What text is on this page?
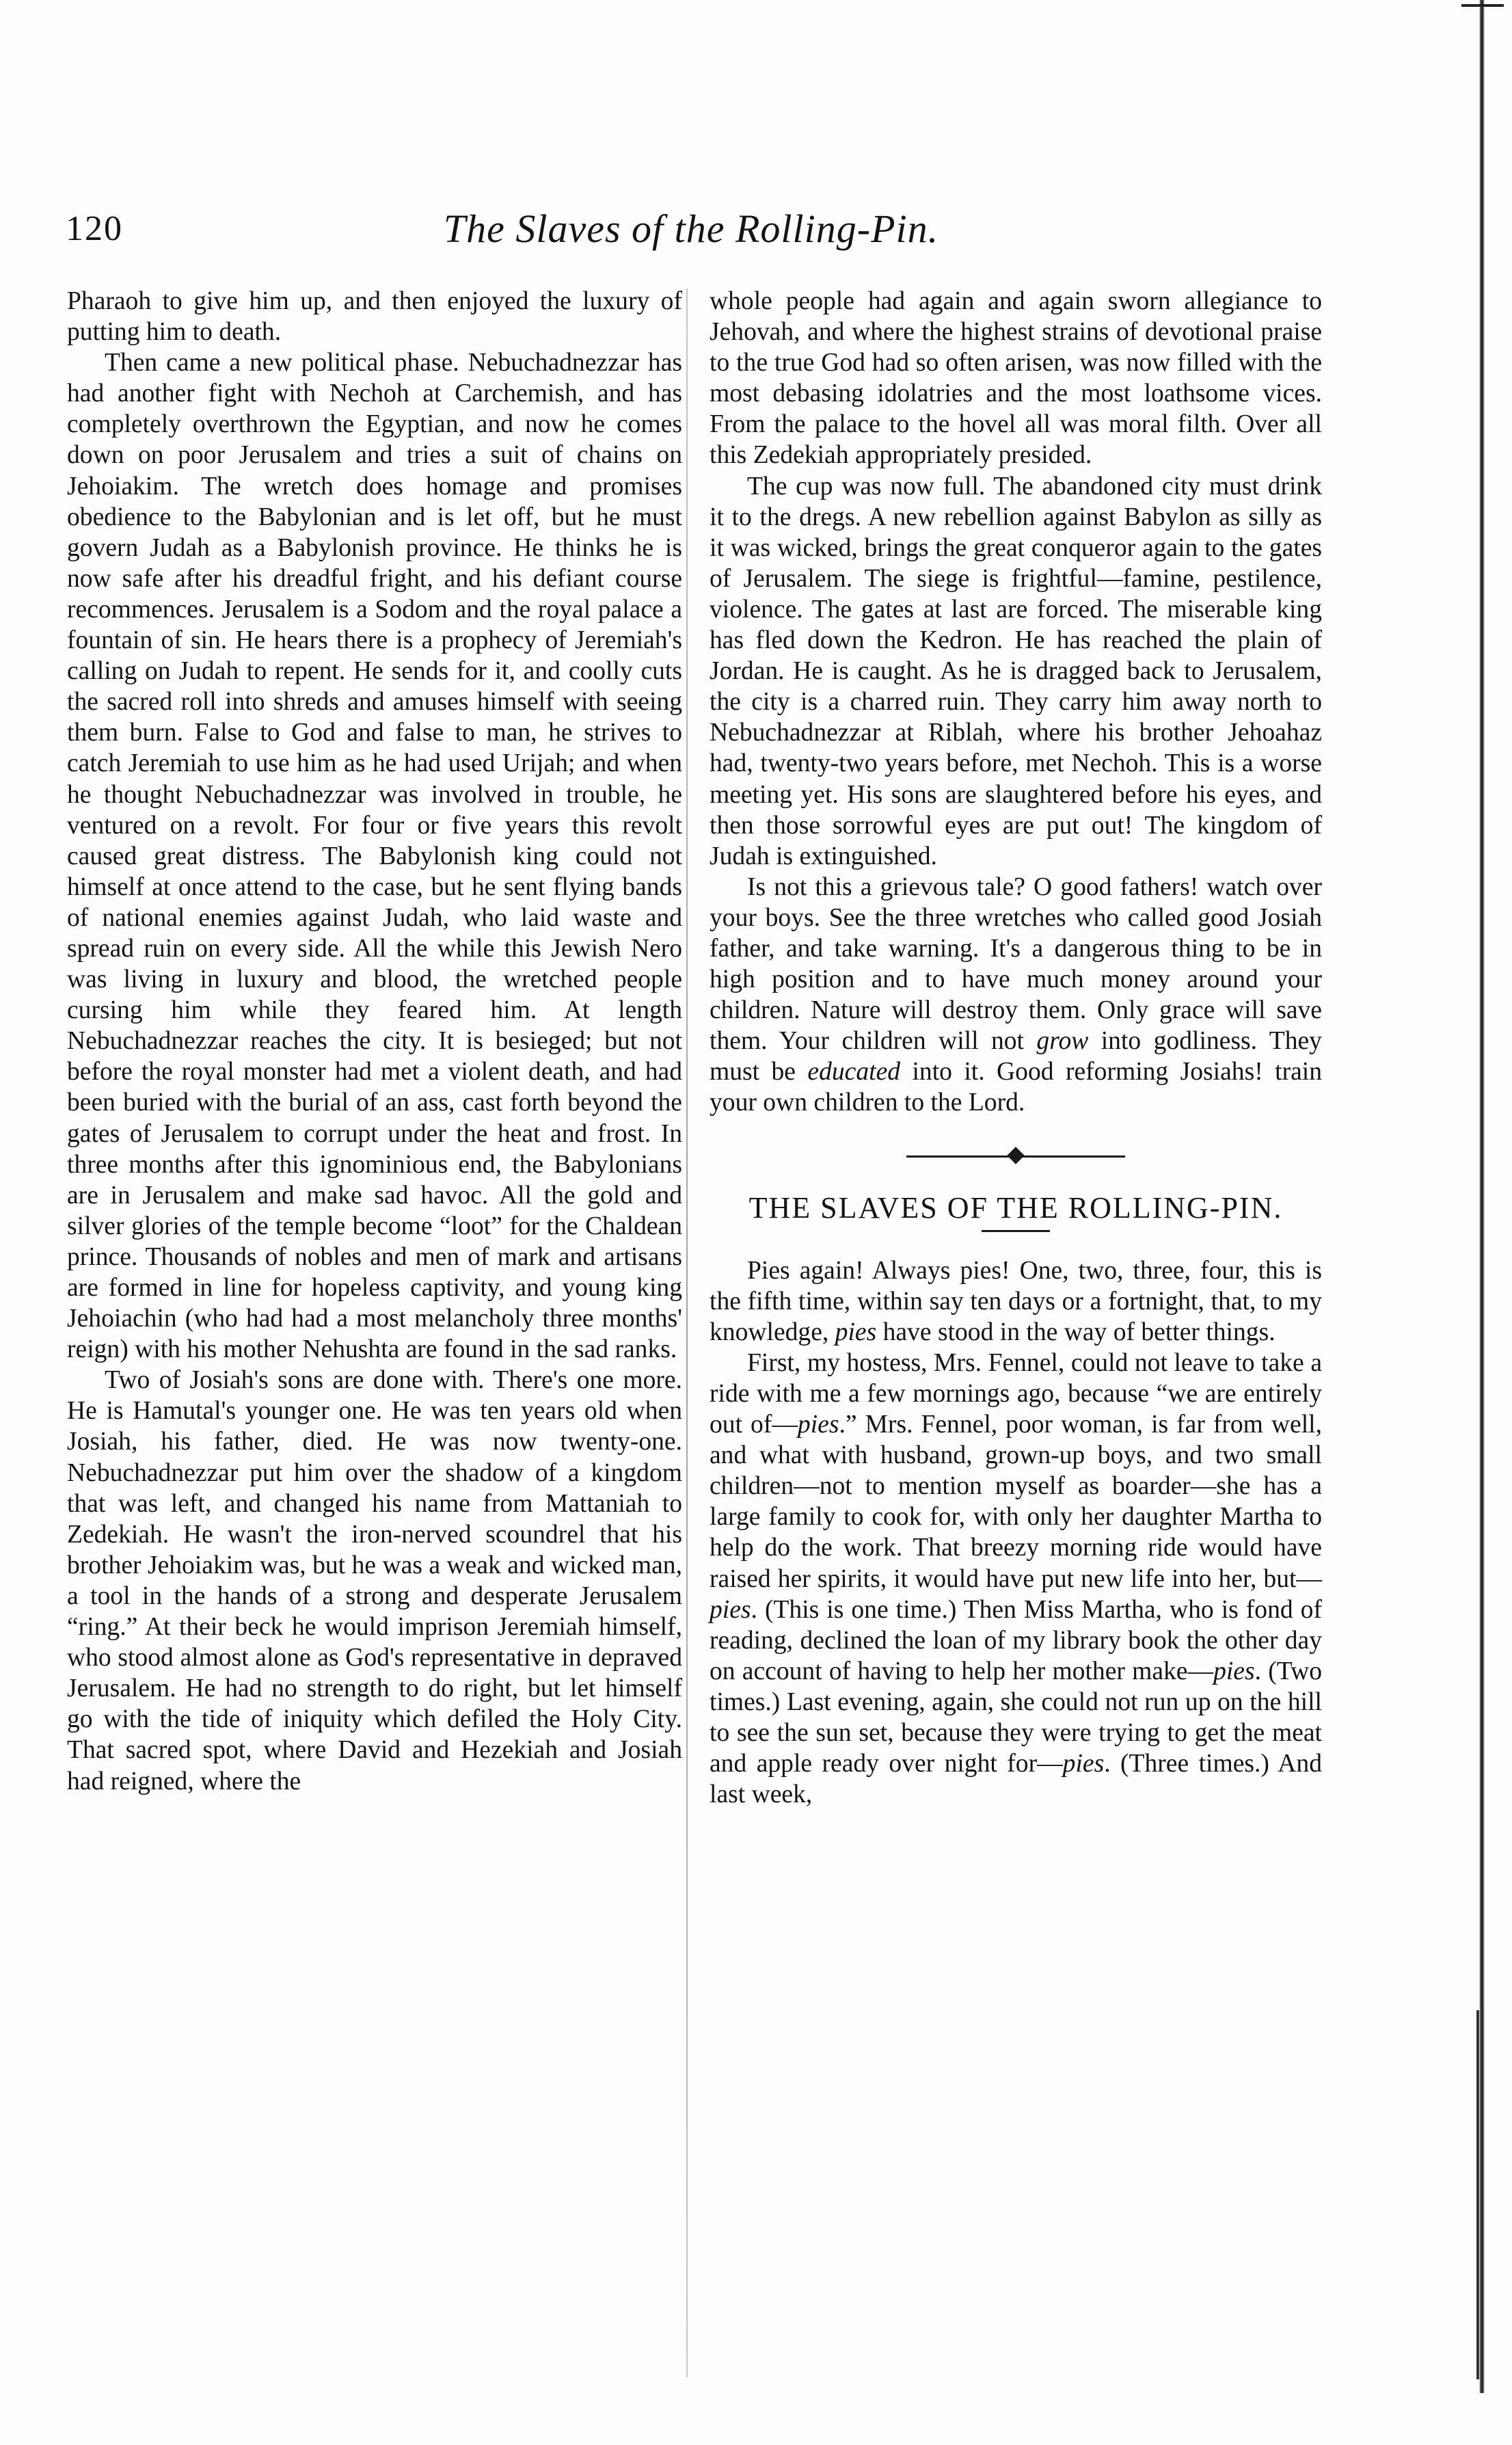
120	The Slaves of the Rolling-Pin.

Pharaoh to give him up, and then enjoyed the luxury of putting him to death.

Then came a new political phase. Nebuchadnezzar has had another fight with Nechoh at Carchemish, and has completely overthrown the Egyptian, and now he comes down on poor Jerusalem and tries a suit of chains on Jehoiakim. The wretch does homage and promises obedience to the Babylonian and is let off, but he must govern Judah as a Babylonish province. He thinks he is now safe after his dreadful fright, and his defiant course recommences. Jerusalem is a Sodom and the royal palace a fountain of sin. He hears there is a prophecy of Jeremiah's calling on Judah to repent. He sends for it, and coolly cuts the sacred roll into shreds and amuses himself with seeing them burn. False to God and false to man, he strives to catch Jeremiah to use him as he had used Urijah; and when he thought Nebuchadnezzar was involved in trouble, he ventured on a revolt. For four or five years this revolt caused great distress. The Babylonish king could not himself at once attend to the case, but he sent flying bands of national enemies against Judah, who laid waste and spread ruin on every side. All the while this Jewish Nero was living in luxury and blood, the wretched people cursing him while they feared him. At length Nebuchadnezzar reaches the city. It is besieged; but not before the royal monster had met a violent death, and had been buried with the burial of an ass, cast forth beyond the gates of Jerusalem to corrupt under the heat and frost. In three months after this ignominious end, the Babylonians are in Jerusalem and make sad havoc. All the gold and silver glories of the temple become “loot” for the Chaldean prince. Thousands of nobles and men of mark and artisans are formed in line for hopeless captivity, and young king Jehoiachin (who had had a most melancholy three months' reign) with his mother Nehushta are found in the sad ranks.

Two of Josiah's sons are done with. There's one more. He is Hamutal's younger one. He was ten years old when Josiah, his father, died. He was now twenty-one. Nebuchadnezzar put him over the shadow of a kingdom that was left, and changed his name from Mattaniah to Zedekiah. He wasn't the iron-nerved scoundrel that his brother Jehoiakim was, but he was a weak and wicked man, a tool in the hands of a strong and desperate Jerusalem “ring.” At their beck he would imprison Jeremiah himself, who stood almost alone as God's representative in depraved Jerusalem. He had no strength to do right, but let himself go with the tide of iniquity which defiled the Holy City. That sacred spot, where David and Hezekiah and Josiah had reigned, where the

whole people had again and again sworn allegiance to Jehovah, and where the highest strains of devotional praise to the true God had so often arisen, was now filled with the most debasing idolatries and the most loathsome vices. From the palace to the hovel all was moral filth. Over all this Zedekiah appropriately presided.

The cup was now full. The abandoned city must drink it to the dregs. A new rebellion against Babylon as silly as it was wicked, brings the great conqueror again to the gates of Jerusalem. The siege is frightful—famine, pestilence, violence. The gates at last are forced. The miserable king has fled down the Kedron. He has reached the plain of Jordan. He is caught. As he is dragged back to Jerusalem, the city is a charred ruin. They carry him away north to Nebuchadnezzar at Riblah, where his brother Jehoahaz had, twenty-two years before, met Nechoh. This is a worse meeting yet. His sons are slaughtered before his eyes, and then those sorrowful eyes are put out! The kingdom of Judah is extinguished.

Is not this a grievous tale? O good fathers! watch over your boys. See the three wretches who called good Josiah father, and take warning. It's a dangerous thing to be in high position and to have much money around your children. Nature will destroy them. Only grace will save them. Your children will not grow into godliness. They must be educated into it. Good reforming Josiahs! train your own children to the Lord.

THE SLAVES OF THE ROLLING-PIN.

Pies again! Always pies! One, two, three, four, this is the fifth time, within say ten days or a fortnight, that, to my knowledge, pies have stood in the way of better things.

First, my hostess, Mrs. Fennel, could not leave to take a ride with me a few mornings ago, because “we are entirely out of—pies.” Mrs. Fennel, poor woman, is far from well, and what with husband, grown-up boys, and two small children—not to mention myself as boarder—she has a large family to cook for, with only her daughter Martha to help do the work. That breezy morning ride would have raised her spirits, it would have put new life into her, but—pies. (This is one time.) Then Miss Martha, who is fond of reading, declined the loan of my library book the other day on account of having to help her mother make—pies. (Two times.) Last evening, again, she could not run up on the hill to see the sun set, because they were trying to get the meat and apple ready over night for—pies. (Three times.) And last week,
